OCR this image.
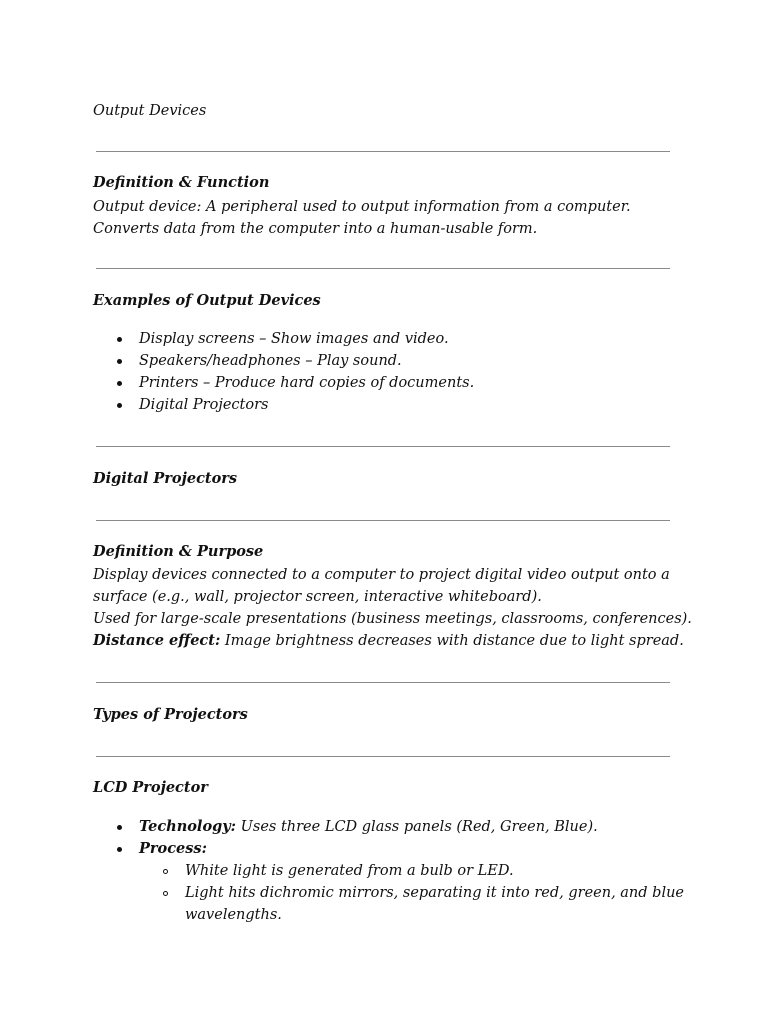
Output Devices
Definition & Function
Output device: A peripheral used to output information from a computer.
Converts data from the computer into a human-usable form.
Examples of Output Devices
Display screens – Show images and video.
Speakers/headphones – Play sound.
Printers – Produce hard copies of documents.
Digital Projectors
Digital Projectors
Definition & Purpose
Display devices connected to a computer to project digital video output onto a
surface (e.g., wall, projector screen, interactive whiteboard).
Used for large-scale presentations (business meetings, classrooms, conferences).
Distance effect: Image brightness decreases with distance due to light spread.
Types of Projectors
LCD Projector
Technology: Uses three LCD glass panels (Red, Green, Blue).
Process:
White light is generated from a bulb or LED.
Light hits dichromic mirrors, separating it into red, green, and blue
wavelengths.
